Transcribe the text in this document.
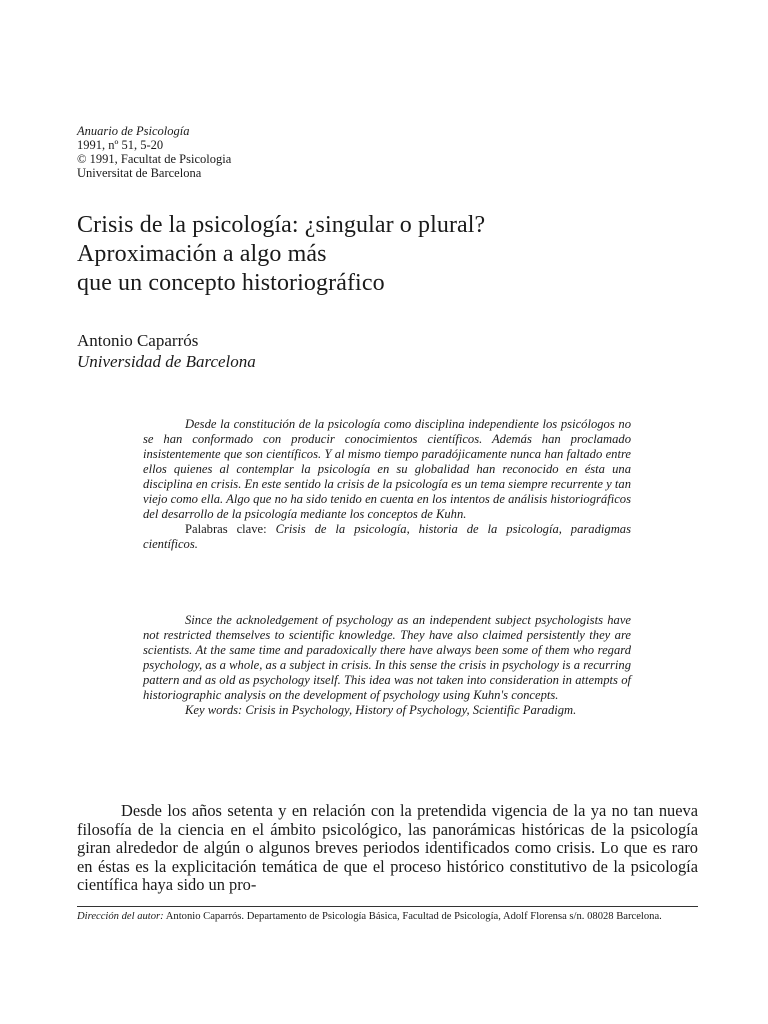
Anuario de Psicología
1991, nº 51, 5-20
© 1991, Facultat de Psicologia
Universitat de Barcelona
Crisis de la psicología: ¿singular o plural?
Aproximación a algo más
que un concepto historiográfico
Antonio Caparrós
Universidad de Barcelona

Desde la constitución de la psicología como disciplina independiente los psicólogos no se han conformado con producir conocimientos científicos. Además han proclamado insistentemente que son científicos. Y al mismo tiempo paradójicamente nunca han faltado entre ellos quienes al contemplar la psicología en su globalidad han reconocido en ésta una disciplina en crisis. En este sentido la crisis de la psicología es un tema siempre recurrente y tan viejo como ella. Algo que no ha sido tenido en cuenta en los intentos de análisis historiográficos del desarrollo de la psicología mediante los conceptos de Kuhn.

Palabras clave: Crisis de la psicología, historia de la psicología, paradigmas científicos.

Since the acknoledgement of psychology as an independent subject psychologists have not restricted themselves to scientific knowledge. They have also claimed persistently they are scientists. At the same time and paradoxically there have always been some of them who regard psychology, as a whole, as a subject in crisis. In this sense the crisis in psychology is a recurring pattern and as old as psychology itself. This idea was not taken into consideration in attempts of historiographic analysis on the development of psychology using Kuhn's concepts.

Key words: Crisis in Psychology, History of Psychology, Scientific Paradigm.

Desde los años setenta y en relación con la pretendida vigencia de la ya no tan nueva filosofía de la ciencia en el ámbito psicológico, las panorámicas históricas de la psicología giran alrededor de algún o algunos breves periodos identificados como crisis. Lo que es raro en éstas es la explicitación temática de que el proceso histórico constitutivo de la psicología científica haya sido un pro-

Dirección del autor: Antonio Caparrós. Departamento de Psicología Básica, Facultad de Psicología, Adolf Florensa s/n. 08028 Barcelona.
